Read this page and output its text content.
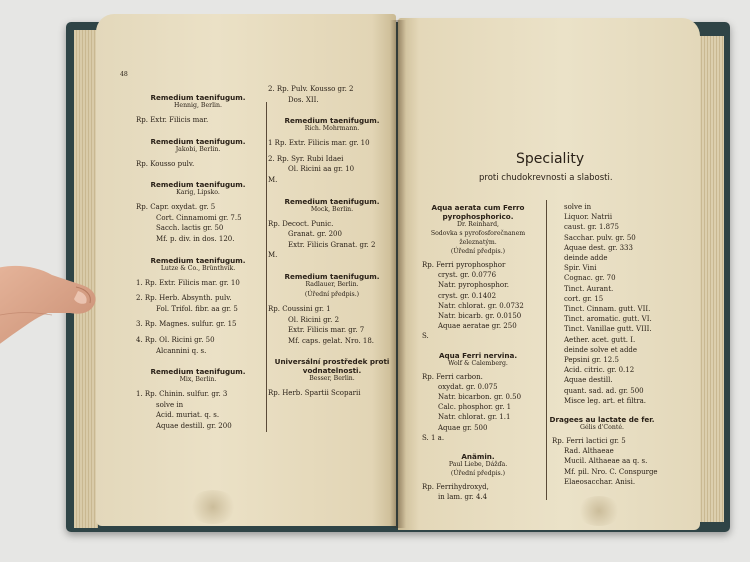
48
Remedium taenifugum.
Hennig, Berlin.
Rp. Extr. Filicis mar.
Remedium taenifugum.
Jakobi, Berlin.
Rp. Kousso pulv.
Remedium taenifugum.
Karig, Lipsko.
Rp. Capr. oxydat. gr. 5
Cort. Cinnamomi gr. 7.5
Sacch. lactis gr. 50
Mf. p. div. in dos. 120.
Remedium taenifugum.
Lutze & Co., Brünthvik.
1. Rp. Extr. Filicis mar. gr. 10
2. Rp. Herb. Absynth. pulv.
Fol. Trifol. fibr. aa gr. 5
3. Rp. Magnes. sulfur. gr. 15
4. Rp. Ol. Ricini gr. 50
Alcannini q. s.
Remedium taenifugum.
Mix, Berlin.
1. Rp. Chinin. sulfur. gr. 3
solve in
Acid. muriat. q. s.
Aquae destill. gr. 200
2. Rp. Pulv. Kousso gr. 2
Dos. XII.
Remedium taenifugum.
Rich. Mohrmann.
1 Rp. Extr. Filicis mar. gr. 10
2. Rp. Syr. Rubi Idaei
Ol. Ricini aa gr. 10
M.
Remedium taenifugum.
Mock, Berlin.
Rp. Decoct. Punic.
Granat. gr. 200
Extr. Filicis Granat. gr. 2
M.
Remedium taenifugum.
Radlauer, Berlin.
(Úřední předpis.)
Rp. Coussini gr. 1
Ol. Ricini gr. 2
Extr. Filicis mar. gr. 7
Mf. caps. gelat. Nro. 18.
Universální prostředek proti
vodnatelnosti.
Besser, Berlin.
Rp. Herb. Spartii Scoparii
Speciality
proti chudokrevnosti a slabosti.
Aqua aerata cum Ferro
pyrophosphorico.
Dr. Reinhard,
Sodovka s pyrofosforečnanem
železnatým.
(Úřední předpis.)
Rp. Ferri pyrophosphor
cryst. gr. 0.0776
Natr. pyrophosphor.
cryst. gr. 0.1402
Natr. chlorat. gr. 0.0732
Natr. bicarb. gr. 0.0150
Aquae aeratae gr. 250
S.
Aqua Ferri nervina.
Wolf & Calemberg.
Rp. Ferri carbon.
oxydat. gr. 0.075
Natr. bicarbon. gr. 0.50
Calc. phosphor. gr. 1
Natr. chlorat. gr. 1.1
Aquae gr. 500
S. 1 a.
Anämin.
Paul Liebe, Dážďa.
(Úřední předpis.)
Rp. Ferrihydroxyd,
in lam. gr. 4.4
solve in
Liquor. Natrii
caust. gr. 1.875
Sacchar. pulv. gr. 50
Aquae dest. gr. 333
deinde adde
Spir. Vini
Cognac. gr. 70
Tinct. Aurant.
cort. gr. 15
Tinct. Cinnam. gutt. VII.
Tinct. aromatic. gutt. VI.
Tinct. Vanillae gutt. VIII.
Aether. acet. gutt. I.
deinde solve et adde
Pepsini gr. 12.5
Acid. citric. gr. 0.12
Aquae destill.
quant. sad. ad. gr. 500
Misce leg. art. et filtra.
Dragees au lactate de fer.
Gélis d'Conté.
Rp. Ferri lactici gr. 5
Rad. Althaeae
Mucil. Althaeae aa q. s.
Mf. pil. Nro. C. Conspurge
Elaeosacchar. Anisi.
